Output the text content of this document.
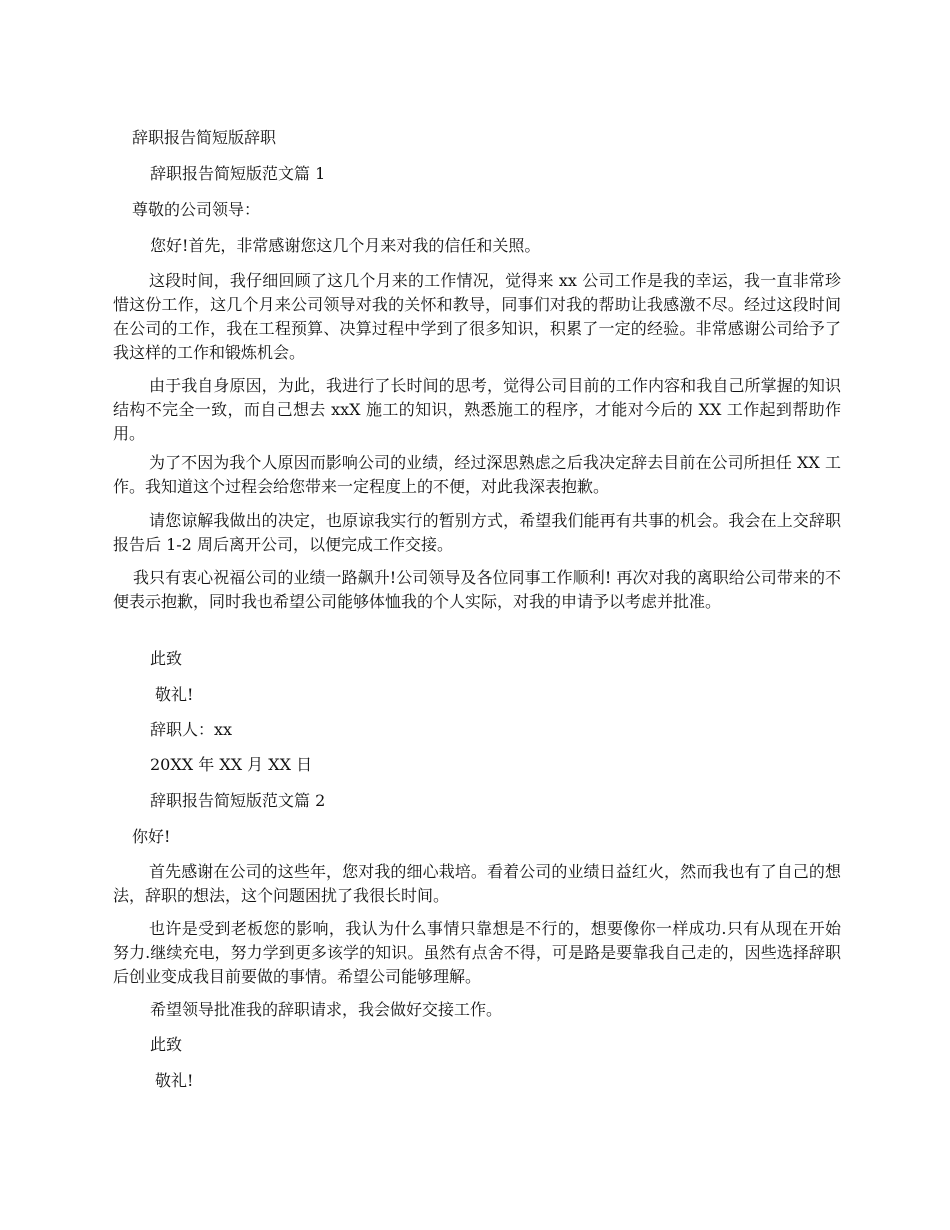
辞职报告简短版辞职
辞职报告简短版范文篇 1
尊敬的公司领导：
您好!首先，非常感谢您这几个月来对我的信任和关照。
这段时间，我仔细回顾了这几个月来的工作情况，觉得来 xx 公司工作是我的幸运，我一直非常珍惜这份工作，这几个月来公司领导对我的关怀和教导，同事们对我的帮助让我感激不尽。经过这段时间在公司的工作，我在工程预算、决算过程中学到了很多知识，积累了一定的经验。非常感谢公司给予了我这样的工作和锻炼机会。
由于我自身原因，为此，我进行了长时间的思考，觉得公司目前的工作内容和我自己所掌握的知识结构不完全一致，而自己想去 xxX 施工的知识，熟悉施工的程序，才能对今后的 XX 工作起到帮助作用。
为了不因为我个人原因而影响公司的业绩，经过深思熟虑之后我决定辞去目前在公司所担任 XX 工作。我知道这个过程会给您带来一定程度上的不便，对此我深表抱歉。
请您谅解我做出的决定，也原谅我实行的暂别方式，希望我们能再有共事的机会。我会在上交辞职报告后 1-2 周后离开公司，以便完成工作交接。
我只有衷心祝福公司的业绩一路飙升!公司领导及各位同事工作顺利! 再次对我的离职给公司带来的不便表示抱歉，同时我也希望公司能够体恤我的个人实际，对我的申请予以考虑并批准。
此致
敬礼!
辞职人：xx
20XX 年 XX 月 XX 日
辞职报告简短版范文篇 2
你好!
首先感谢在公司的这些年，您对我的细心栽培。看着公司的业绩日益红火，然而我也有了自己的想法，辞职的想法，这个问题困扰了我很长时间。
也许是受到老板您的影响，我认为什么事情只靠想是不行的，想要像你一样成功.只有从现在开始努力.继续充电，努力学到更多该学的知识。虽然有点舍不得，可是路是要靠我自己走的，因些选择辞职后创业变成我目前要做的事情。希望公司能够理解。
希望领导批准我的辞职请求，我会做好交接工作。
此致
敬礼!
